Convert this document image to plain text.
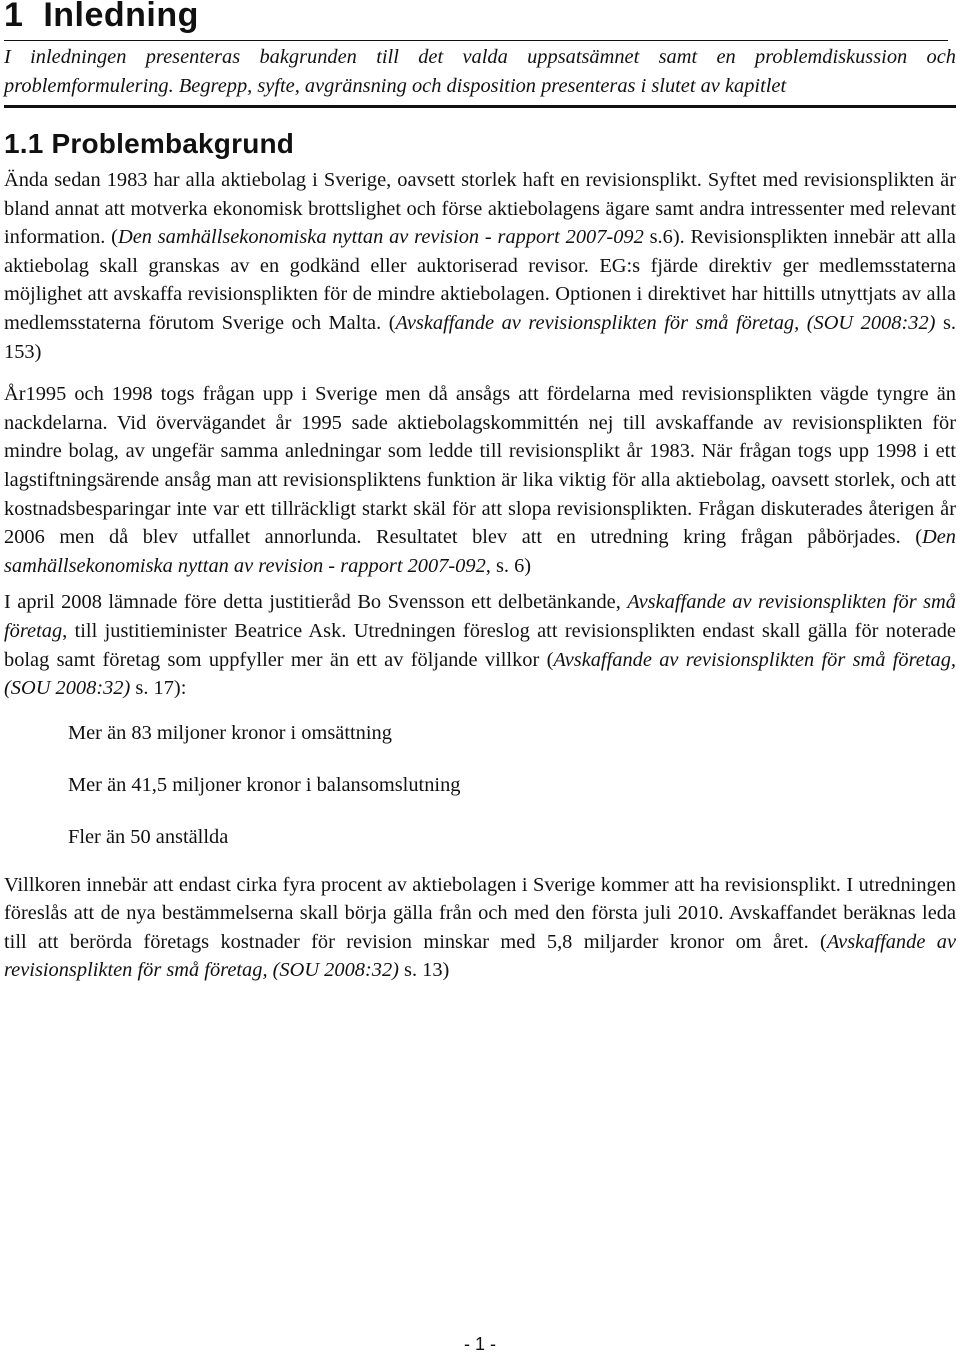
1 Inledning

I inledningen presenteras bakgrunden till det valda uppsatsämnet samt en problemdiskussion och problemformulering. Begrepp, syfte, avgränsning och disposition presenteras i slutet av kapitlet

1.1 Problembakgrund

Ända sedan 1983 har alla aktiebolag i Sverige, oavsett storlek haft en revisionsplikt. Syftet med revisionsplikten är bland annat att motverka ekonomisk brottslighet och förse aktiebolagens ägare samt andra intressenter med relevant information. (Den samhällsekonomiska nyttan av revision - rapport 2007-092 s.6). Revisionsplikten innebär att alla aktiebolag skall granskas av en godkänd eller auktoriserad revisor. EG:s fjärde direktiv ger medlemsstaterna möjlighet att avskaffa revisionsplikten för de mindre aktiebolagen. Optionen i direktivet har hittills utnyttjats av alla medlemsstaterna förutom Sverige och Malta. (Avskaffande av revisionsplikten för små företag, (SOU 2008:32) s. 153)

År1995 och 1998 togs frågan upp i Sverige men då ansågs att fördelarna med revisionsplikten vägde tyngre än nackdelarna. Vid övervägandet år 1995 sade aktiebolagskommittén nej till avskaffande av revisionsplikten för mindre bolag, av ungefär samma anledningar som ledde till revisionsplikt år 1983. När frågan togs upp 1998 i ett lagstiftningsärende ansåg man att revisionspliktens funktion är lika viktig för alla aktiebolag, oavsett storlek, och att kostnadsbesparingar inte var ett tillräckligt starkt skäl för att slopa revisionsplikten. Frågan diskuterades återigen år 2006 men då blev utfallet annorlunda. Resultatet blev att en utredning kring frågan påbörjades. (Den samhällsekonomiska nyttan av revision - rapport 2007-092, s. 6)

I april 2008 lämnade före detta justitieråd Bo Svensson ett delbetänkande, Avskaffande av revisionsplikten för små företag, till justitieminister Beatrice Ask. Utredningen föreslog att revisionsplikten endast skall gälla för noterade bolag samt företag som uppfyller mer än ett av följande villkor (Avskaffande av revisionsplikten för små företag, (SOU 2008:32) s. 17):

Mer än 83 miljoner kronor i omsättning
Mer än 41,5 miljoner kronor i balansomslutning
Fler än 50 anställda

Villkoren innebär att endast cirka fyra procent av aktiebolagen i Sverige kommer att ha revisionsplikt. I utredningen föreslås att de nya bestämmelserna skall börja gälla från och med den första juli 2010. Avskaffandet beräknas leda till att berörda företags kostnader för revision minskar med 5,8 miljarder kronor om året. (Avskaffande av revisionsplikten för små företag, (SOU 2008:32) s. 13)

- 1 -
